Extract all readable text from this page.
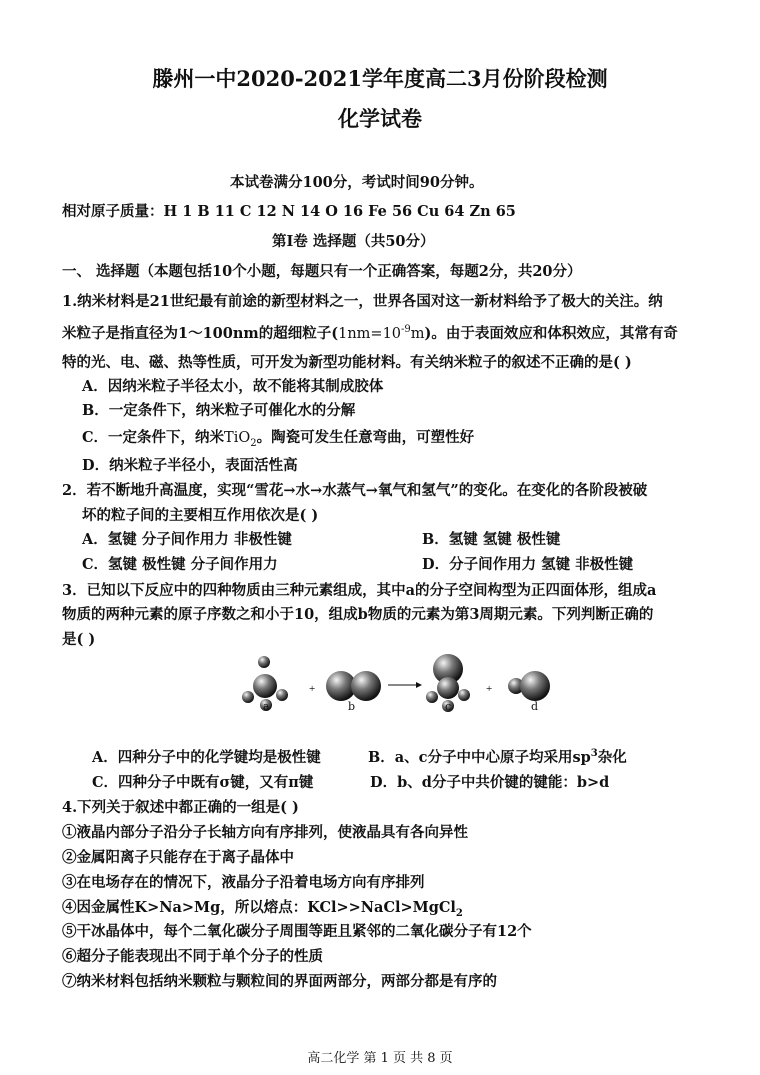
滕州一中2020-2021学年度高二3月份阶段检测
化学试卷
本试卷满分100分，考试时间90分钟。
相对原子质量：H 1 B 11 C 12 N 14 O 16 Fe 56 Cu 64 Zn 65
第Ⅰ卷 选择题（共50分）
一、 选择题（本题包括10个小题，每题只有一个正确答案，每题2分，共20分）
1.纳米材料是21世纪最有前途的新型材料之一，世界各国对这一新材料给予了极大的关注。纳
米粒子是指直径为1～100nm的超细粒子$(1nm=10^{-9}m)$。由于表面效应和体积效应，其常有奇
特的光、电、磁、热等性质，可开发为新型功能材料。有关纳米粒子的叙述不正确的是( )
A．因纳米粒子半径太小，故不能将其制成胶体
B．一定条件下，纳米粒子可催化水的分解
C．一定条件下，纳米TiO$_2$。陶瓷可发生任意弯曲，可塑性好
D．纳米粒子半径小，表面活性高
2．若不断地升高温度，实现“雪花→水→水蒸气→氧气和氢气”的变化。在变化的各阶段被破
坏的粒子间的主要相互作用依次是( )
A．氢键 分子间作用力 非极性键	B．氢键 氢键 极性键
C．氢键 极性键 分子间作用力	D．分子间作用力 氢键 非极性键
3．已知以下反应中的四种物质由三种元素组成，其中a的分子空间构型为正四面体形，组成a
物质的两种元素的原子序数之和小于10，组成b物质的元素为第3周期元素。下列判断正确的
是( )
+	+
a	b	c	d
A．四种分子中的化学键均是极性键	B．a、c分子中中心原子均采用$sp^3$杂化
C．四种分子中既有σ键，又有π键	D．b、d分子中共价键的键能：b>d
4.下列关于叙述中都正确的一组是( )
①液晶内部分子沿分子长轴方向有序排列，使液晶具有各向异性
②金属阳离子只能存在于离子晶体中
③在电场存在的情况下，液晶分子沿着电场方向有序排列
④因金属性K>Na>Mg，所以熔点：KCl>>NaCl>MgCl$_2$
⑤干冰晶体中，每个二氧化碳分子周围等距且紧邻的二氧化碳分子有12个
⑥超分子能表现出不同于单个分子的性质
⑦纳米材料包括纳米颗粒与颗粒间的界面两部分，两部分都是有序的
高二化学 第 1 页 共 8 页
